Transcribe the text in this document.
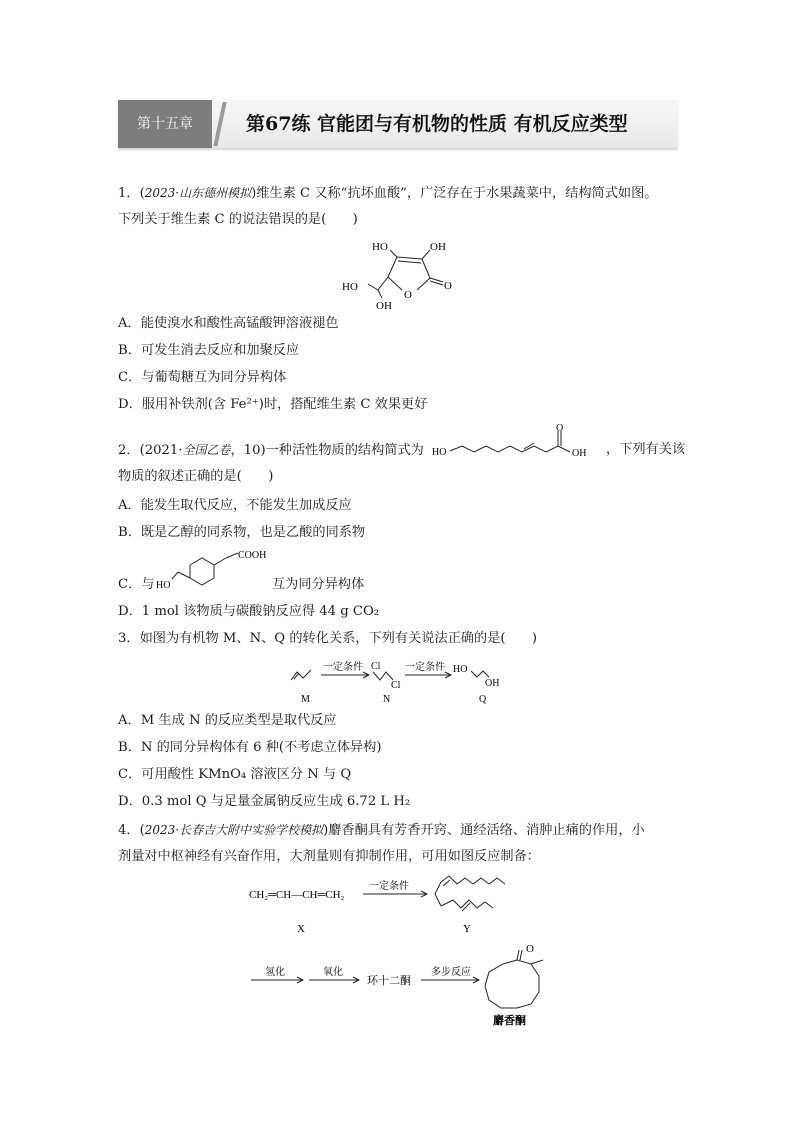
第十五章	第67练 官能团与有机物的性质 有机反应类型
1．(2023·山东德州模拟)维生素 C 又称“抗坏血酸”，广泛存在于水果蔬菜中，结构简式如图。
下列关于维生素 C 的说法错误的是(　　)
HO	OH
HO
OH
O
O
A．能使溴水和酸性高锰酸钾溶液褪色
B．可发生消去反应和加聚反应
C．与葡萄糖互为同分异构体
D．服用补铁剂(含 Fe²⁺)时，搭配维生素 C 效果更好
2．(2021·全国乙卷，10)一种活性物质的结构简式为 HO
O
OH ，下列有关该
物质的叙述正确的是(　　)
A．能发生取代反应，不能发生加成反应
B．既是乙醇的同系物，也是乙酸的同系物
C．与 HO
COOH
互为同分异构体
D．1 mol 该物质与碳酸钠反应得 44 g CO₂
3．如图为有机物 M、N、Q 的转化关系，下列有关说法正确的是(　　)
一定条件	一定条件
Cl
Cl
HO
OH
M	N	Q
A．M 生成 N 的反应类型是取代反应
B．N 的同分异构体有 6 种(不考虑立体异构)
C．可用酸性 KMnO₄ 溶液区分 N 与 Q
D．0.3 mol Q 与足量金属钠反应生成 6.72 L H₂
4．(2023·长春吉大附中实验学校模拟)麝香酮具有芳香开窍、通经活络、消肿止痛的作用，小
剂量对中枢神经有兴奋作用，大剂量则有抑制作用，可用如图反应制备：
CH₂═CH—CH═CH₂
一定条件
X	Y
氢化	氧化
环十二酮
多步反应
O
麝香酮
